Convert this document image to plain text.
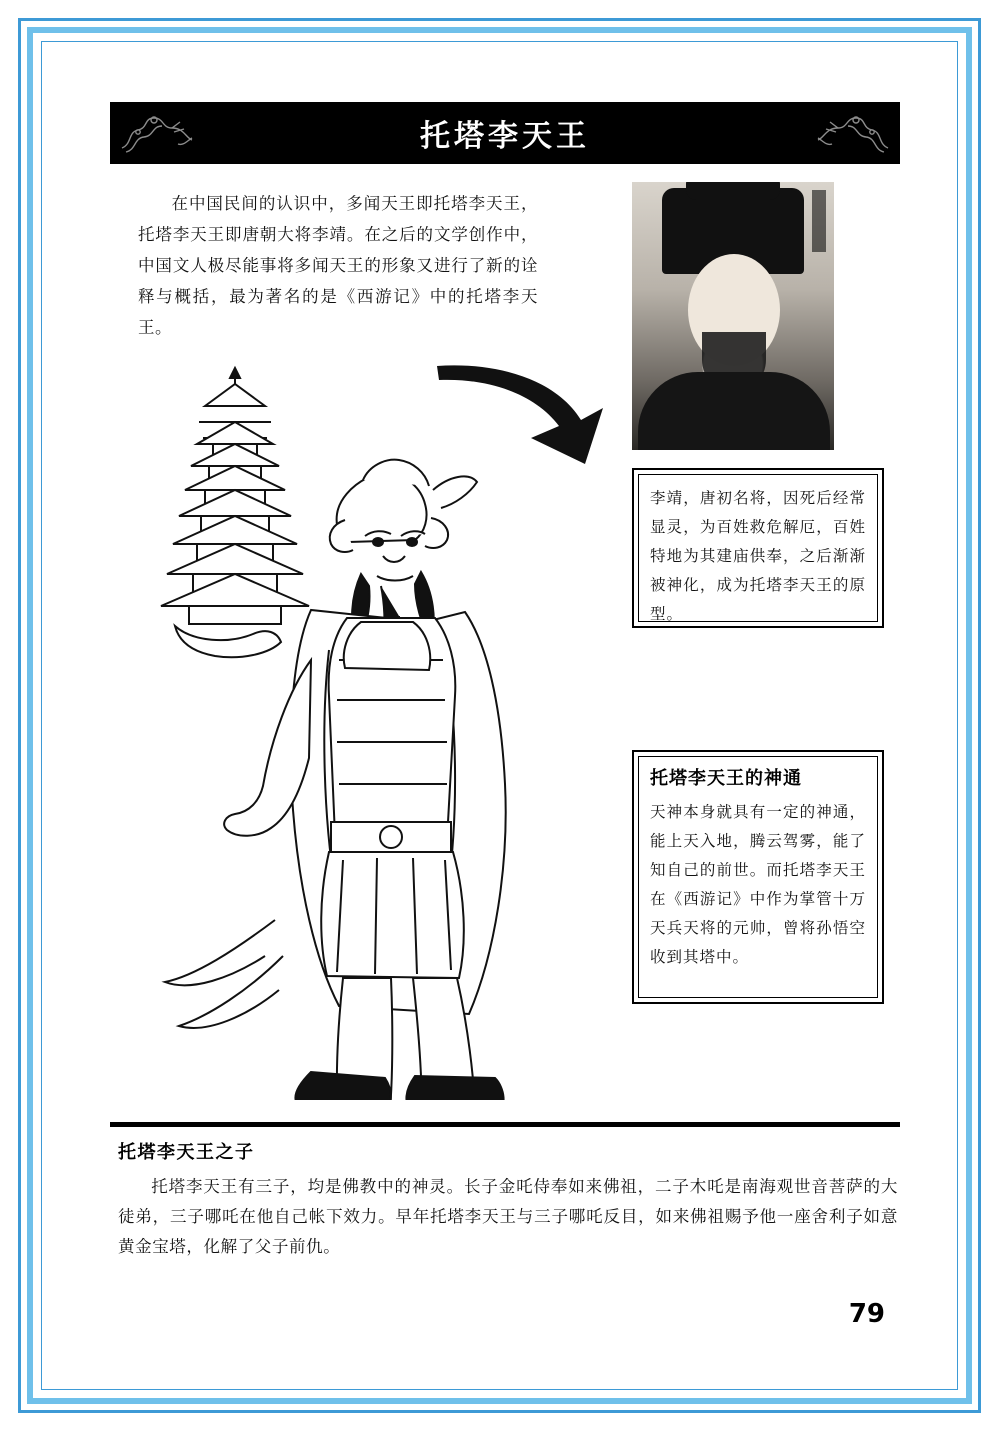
托塔李天王
在中国民间的认识中，多闻天王即托塔李天王，托塔李天王即唐朝大将李靖。在之后的文学创作中，中国文人极尽能事将多闻天王的形象又进行了新的诠释与概括，最为著名的是《西游记》中的托塔李天王。
李靖，唐初名将，因死后经常显灵，为百姓救危解厄，百姓特地为其建庙供奉，之后渐渐被神化，成为托塔李天王的原型。
托塔李天王的神通
天神本身就具有一定的神通，能上天入地，腾云驾雾，能了知自己的前世。而托塔李天王在《西游记》中作为掌管十万天兵天将的元帅，曾将孙悟空收到其塔中。
托塔李天王之子
托塔李天王有三子，均是佛教中的神灵。长子金吒侍奉如来佛祖，二子木吒是南海观世音菩萨的大徒弟，三子哪吒在他自己帐下效力。早年托塔李天王与三子哪吒反目，如来佛祖赐予他一座舍利子如意黄金宝塔，化解了父子前仇。
79
